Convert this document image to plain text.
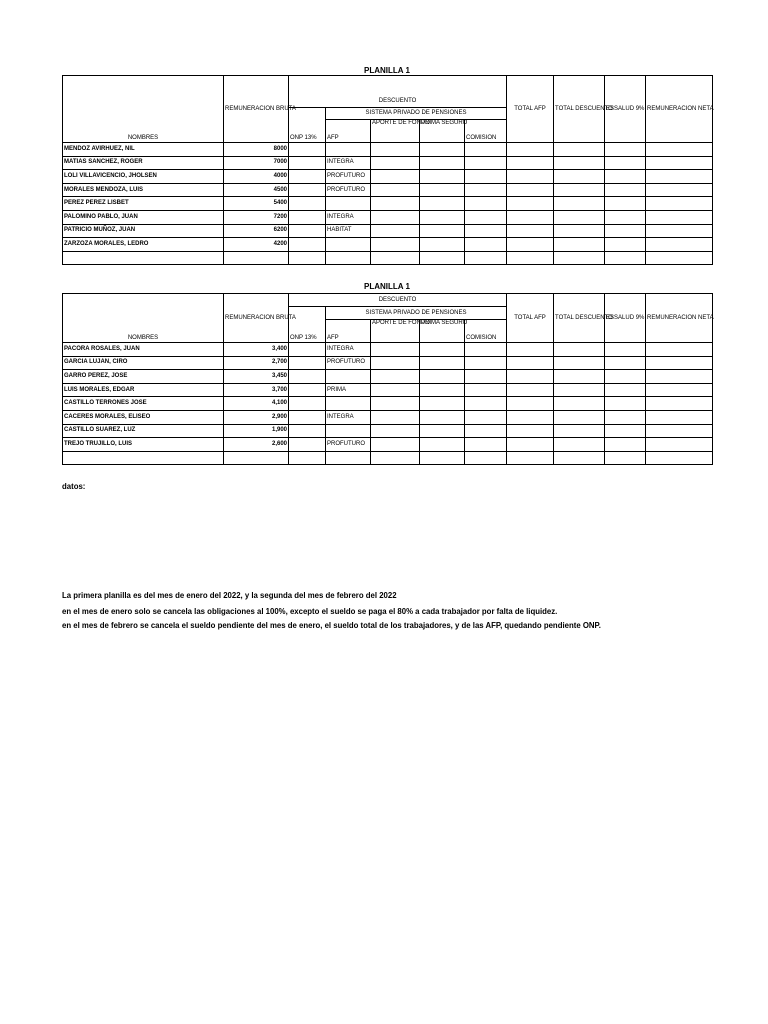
PLANILLA 1
NOMBRES	REMUNERACION BRUTA						TOTAL AFP	TOTAL DESCUENTO	ESSALUD 9%	REMUNERACION NETA
		DESCUENTO								
		ONP 13%	SISTEMA PRIVADO DE PENSIONES							
			AFP	APORTE DE FONDO	PRIMA SEGURO	COMISION				
MENDOZ AVIRHUEZ, NIL	8000									
MATIAS SANCHEZ, ROGER	7000		INTEGRA							
LOLI VILLAVICENCIO, JHOLSEN	4000		PROFUTURO							
MORALES MENDOZA, LUIS	4500		PROFUTURO							
PEREZ PEREZ LISBET	5400									
PALOMINO PABLO, JUAN	7200		INTEGRA							
PATRICIO MUÑOZ, JUAN	6200		HABITAT							
ZARZOZA MORALES, LEDRO	4200									

PLANILLA 1
NOMBRES	REMUNERACION BRUTA	DESCUENTO					TOTAL AFP	TOTAL DESCUENTO	ESSALUD 9%	REMUNERACION NETA
		ONP 13%	SISTEMA PRIVADO DE PENSIONES							
			AFP	APORTE DE FONDO	PRIMA SEGURO	COMISION				
PACORA ROSALES, JUAN	3,400		INTEGRA							
GARCIA LUJAN, CIRO	2,700		PROFUTURO							
GARRO PEREZ, JOSE	3,450									
LUIS MORALES, EDGAR	3,700		PRIMA							
CASTILLO TERRONES JOSE	4,100									
CACERES MORALES, ELISEO	2,900		INTEGRA							
CASTILLO SUAREZ, LUZ	1,900									
TREJO TRUJILLO, LUIS	2,600		PROFUTURO							

datos:
La primera planilla es del mes de enero del 2022, y la segunda del mes de febrero del 2022
en el mes de enero solo se cancela las obligaciones al 100%, excepto el sueldo se paga el 80% a cada trabajador por falta de liquidez.
en el mes de febrero se cancela el sueldo pendiente del mes de enero, el sueldo total de los trabajadores, y de las AFP, quedando pendiente ONP.
